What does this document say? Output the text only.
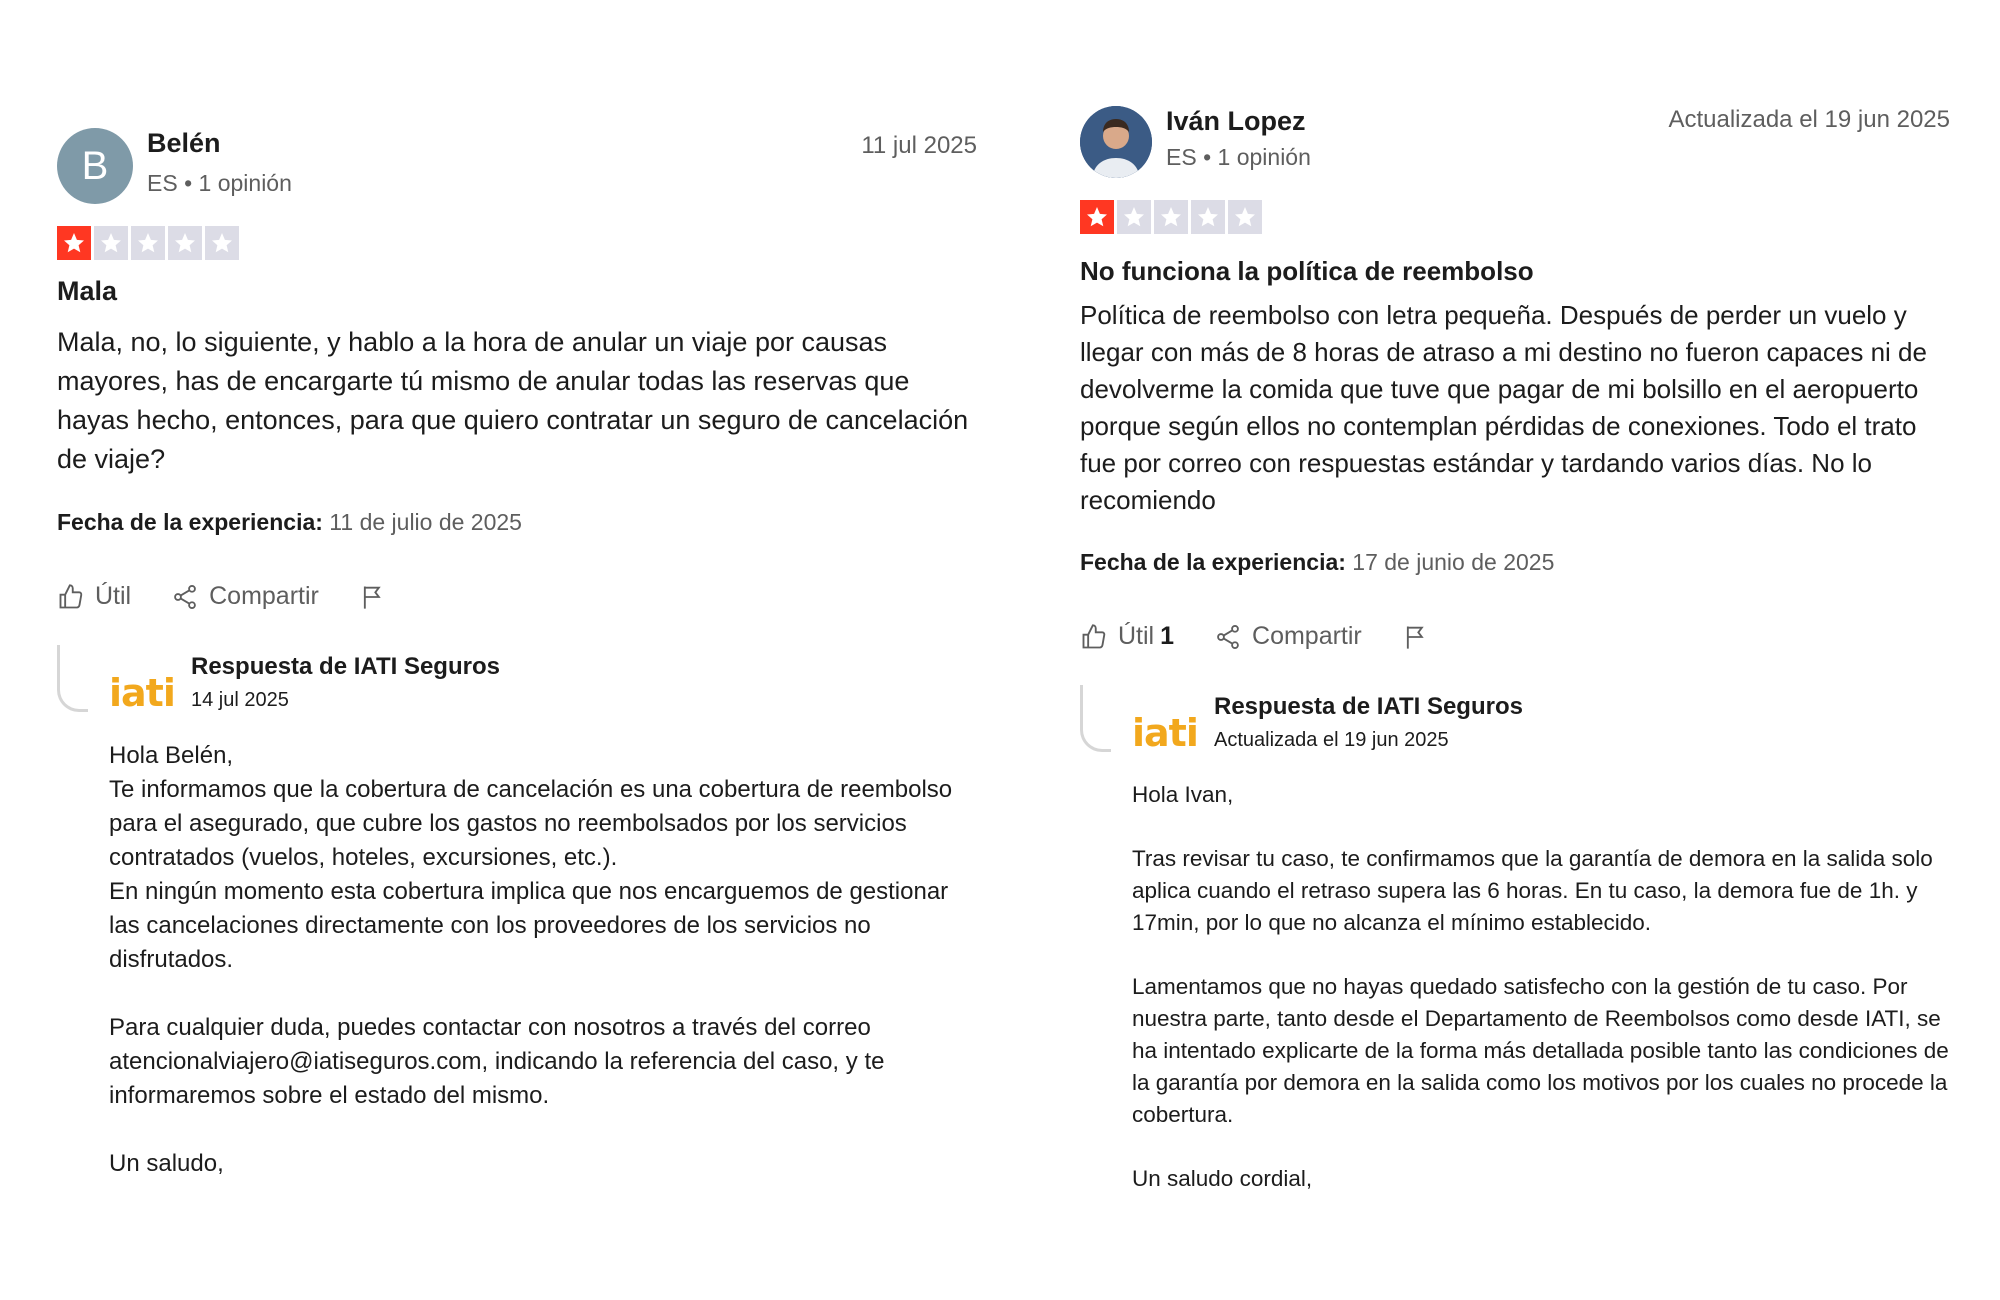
B
Belén
ES • 1 opinión
11 jul 2025
Mala
Mala, no, lo siguiente, y hablo a la hora de anular un viaje por causas mayores, has de encargarte tú mismo de anular todas las reservas que hayas hecho, entonces, para que quiero contratar un seguro de cancelación de viaje?
Fecha de la experiencia: 11 de julio de 2025
Útil	Compartir
iati
Respuesta de IATI Seguros
14 jul 2025

Hola Belén,

Te informamos que la cobertura de cancelación es una cobertura de reembolso para el asegurado, que cubre los gastos no reembolsados por los servicios contratados (vuelos, hoteles, excursiones, etc.).

En ningún momento esta cobertura implica que nos encarguemos de gestionar las cancelaciones directamente con los proveedores de los servicios no disfrutados.

Para cualquier duda, puedes contactar con nosotros a través del correo atencionalviajero@iatiseguros.com, indicando la referencia del caso, y te informaremos sobre el estado del mismo.

Un saludo,

Iván Lopez
ES • 1 opinión
Actualizada el 19 jun 2025
No funciona la política de reembolso
Política de reembolso con letra pequeña. Después de perder un vuelo y llegar con más de 8 horas de atraso a mi destino no fueron capaces ni de devolverme la comida que tuve que pagar de mi bolsillo en el aeropuerto porque según ellos no contemplan pérdidas de conexiones. Todo el trato fue por correo con respuestas estándar y tardando varios días. No lo recomiendo
Fecha de la experiencia: 17 de junio de 2025
Útil 1	Compartir
iati
Respuesta de IATI Seguros
Actualizada el 19 jun 2025

Hola Ivan,

Tras revisar tu caso, te confirmamos que la garantía de demora en la salida solo aplica cuando el retraso supera las 6 horas. En tu caso, la demora fue de 1h. y 17min, por lo que no alcanza el mínimo establecido.

Lamentamos que no hayas quedado satisfecho con la gestión de tu caso. Por nuestra parte, tanto desde el Departamento de Reembolsos como desde IATI, se ha intentado explicarte de la forma más detallada posible tanto las condiciones de la garantía por demora en la salida como los motivos por los cuales no procede la cobertura.

Un saludo cordial,
